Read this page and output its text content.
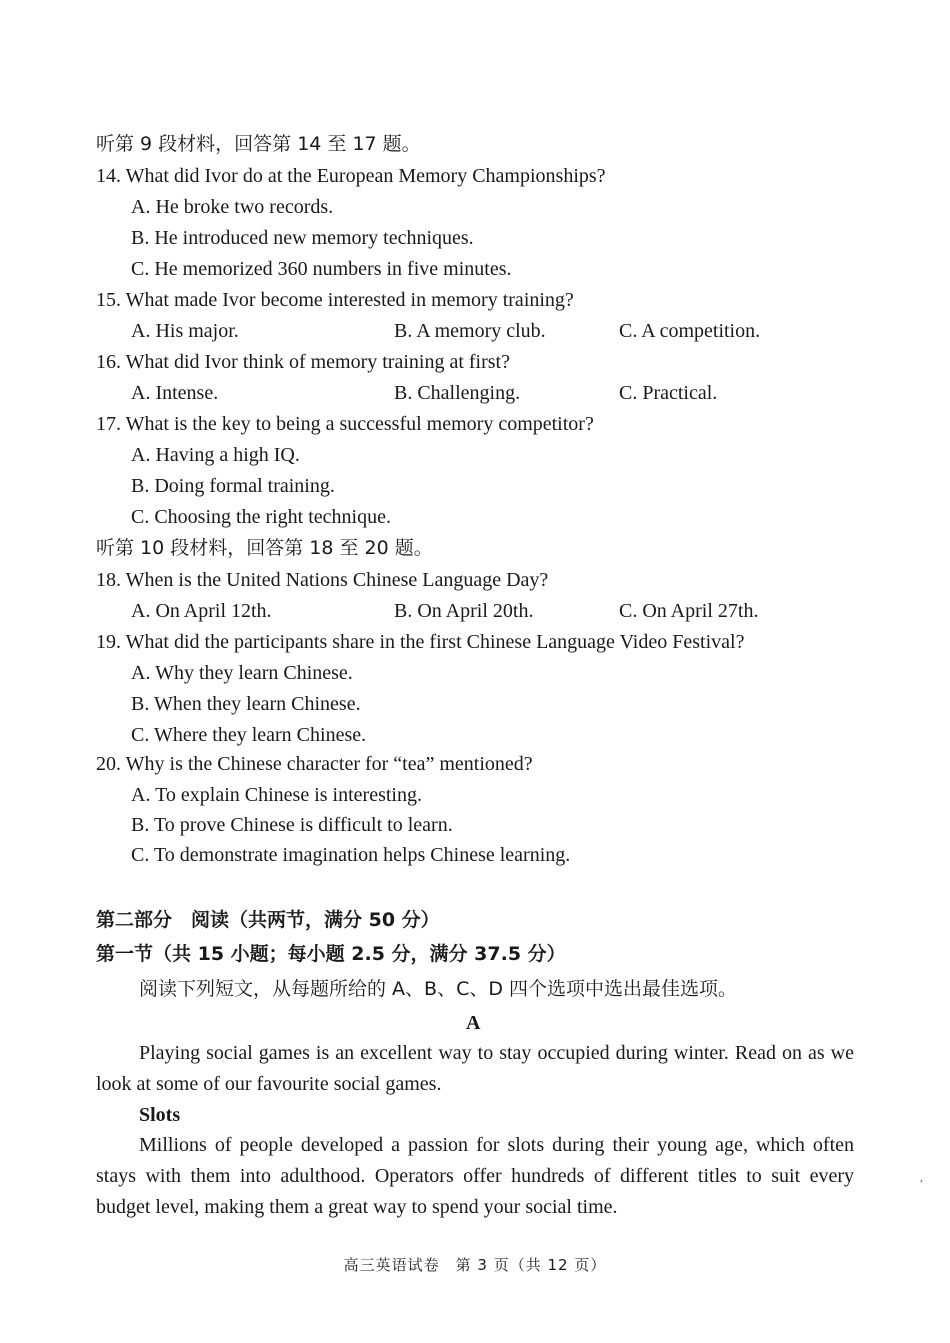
听第 9 段材料，回答第 14 至 17 题。
14. What did Ivor do at the European Memory Championships?
A. He broke two records.
B. He introduced new memory techniques.
C. He memorized 360 numbers in five minutes.
15. What made Ivor become interested in memory training?
A. His major.	B. A memory club.	C. A competition.
16. What did Ivor think of memory training at first?
A. Intense.	B. Challenging.	C. Practical.
17. What is the key to being a successful memory competitor?
A. Having a high IQ.
B. Doing formal training.
C. Choosing the right technique.
听第 10 段材料，回答第 18 至 20 题。
18. When is the United Nations Chinese Language Day?
A. On April 12th.	B. On April 20th.	C. On April 27th.
19. What did the participants share in the first Chinese Language Video Festival?
A. Why they learn Chinese.
B. When they learn Chinese.
C. Where they learn Chinese.
20. Why is the Chinese character for “tea” mentioned?
A. To explain Chinese is interesting.
B. To prove Chinese is difficult to learn.
C. To demonstrate imagination helps Chinese learning.
第二部分　阅读（共两节，满分 50 分）
第一节（共 15 小题；每小题 2.5 分，满分 37.5 分）
阅读下列短文，从每题所给的 A、B、C、D 四个选项中选出最佳选项。
A
Playing social games is an excellent way to stay occupied during winter. Read on as we look at some of our favourite social games.
Slots
Millions of people developed a passion for slots during their young age, which often stays with them into adulthood. Operators offer hundreds of different titles to suit every budget level, making them a great way to spend your social time.
,
高三英语试卷　第 3 页（共 12 页）
